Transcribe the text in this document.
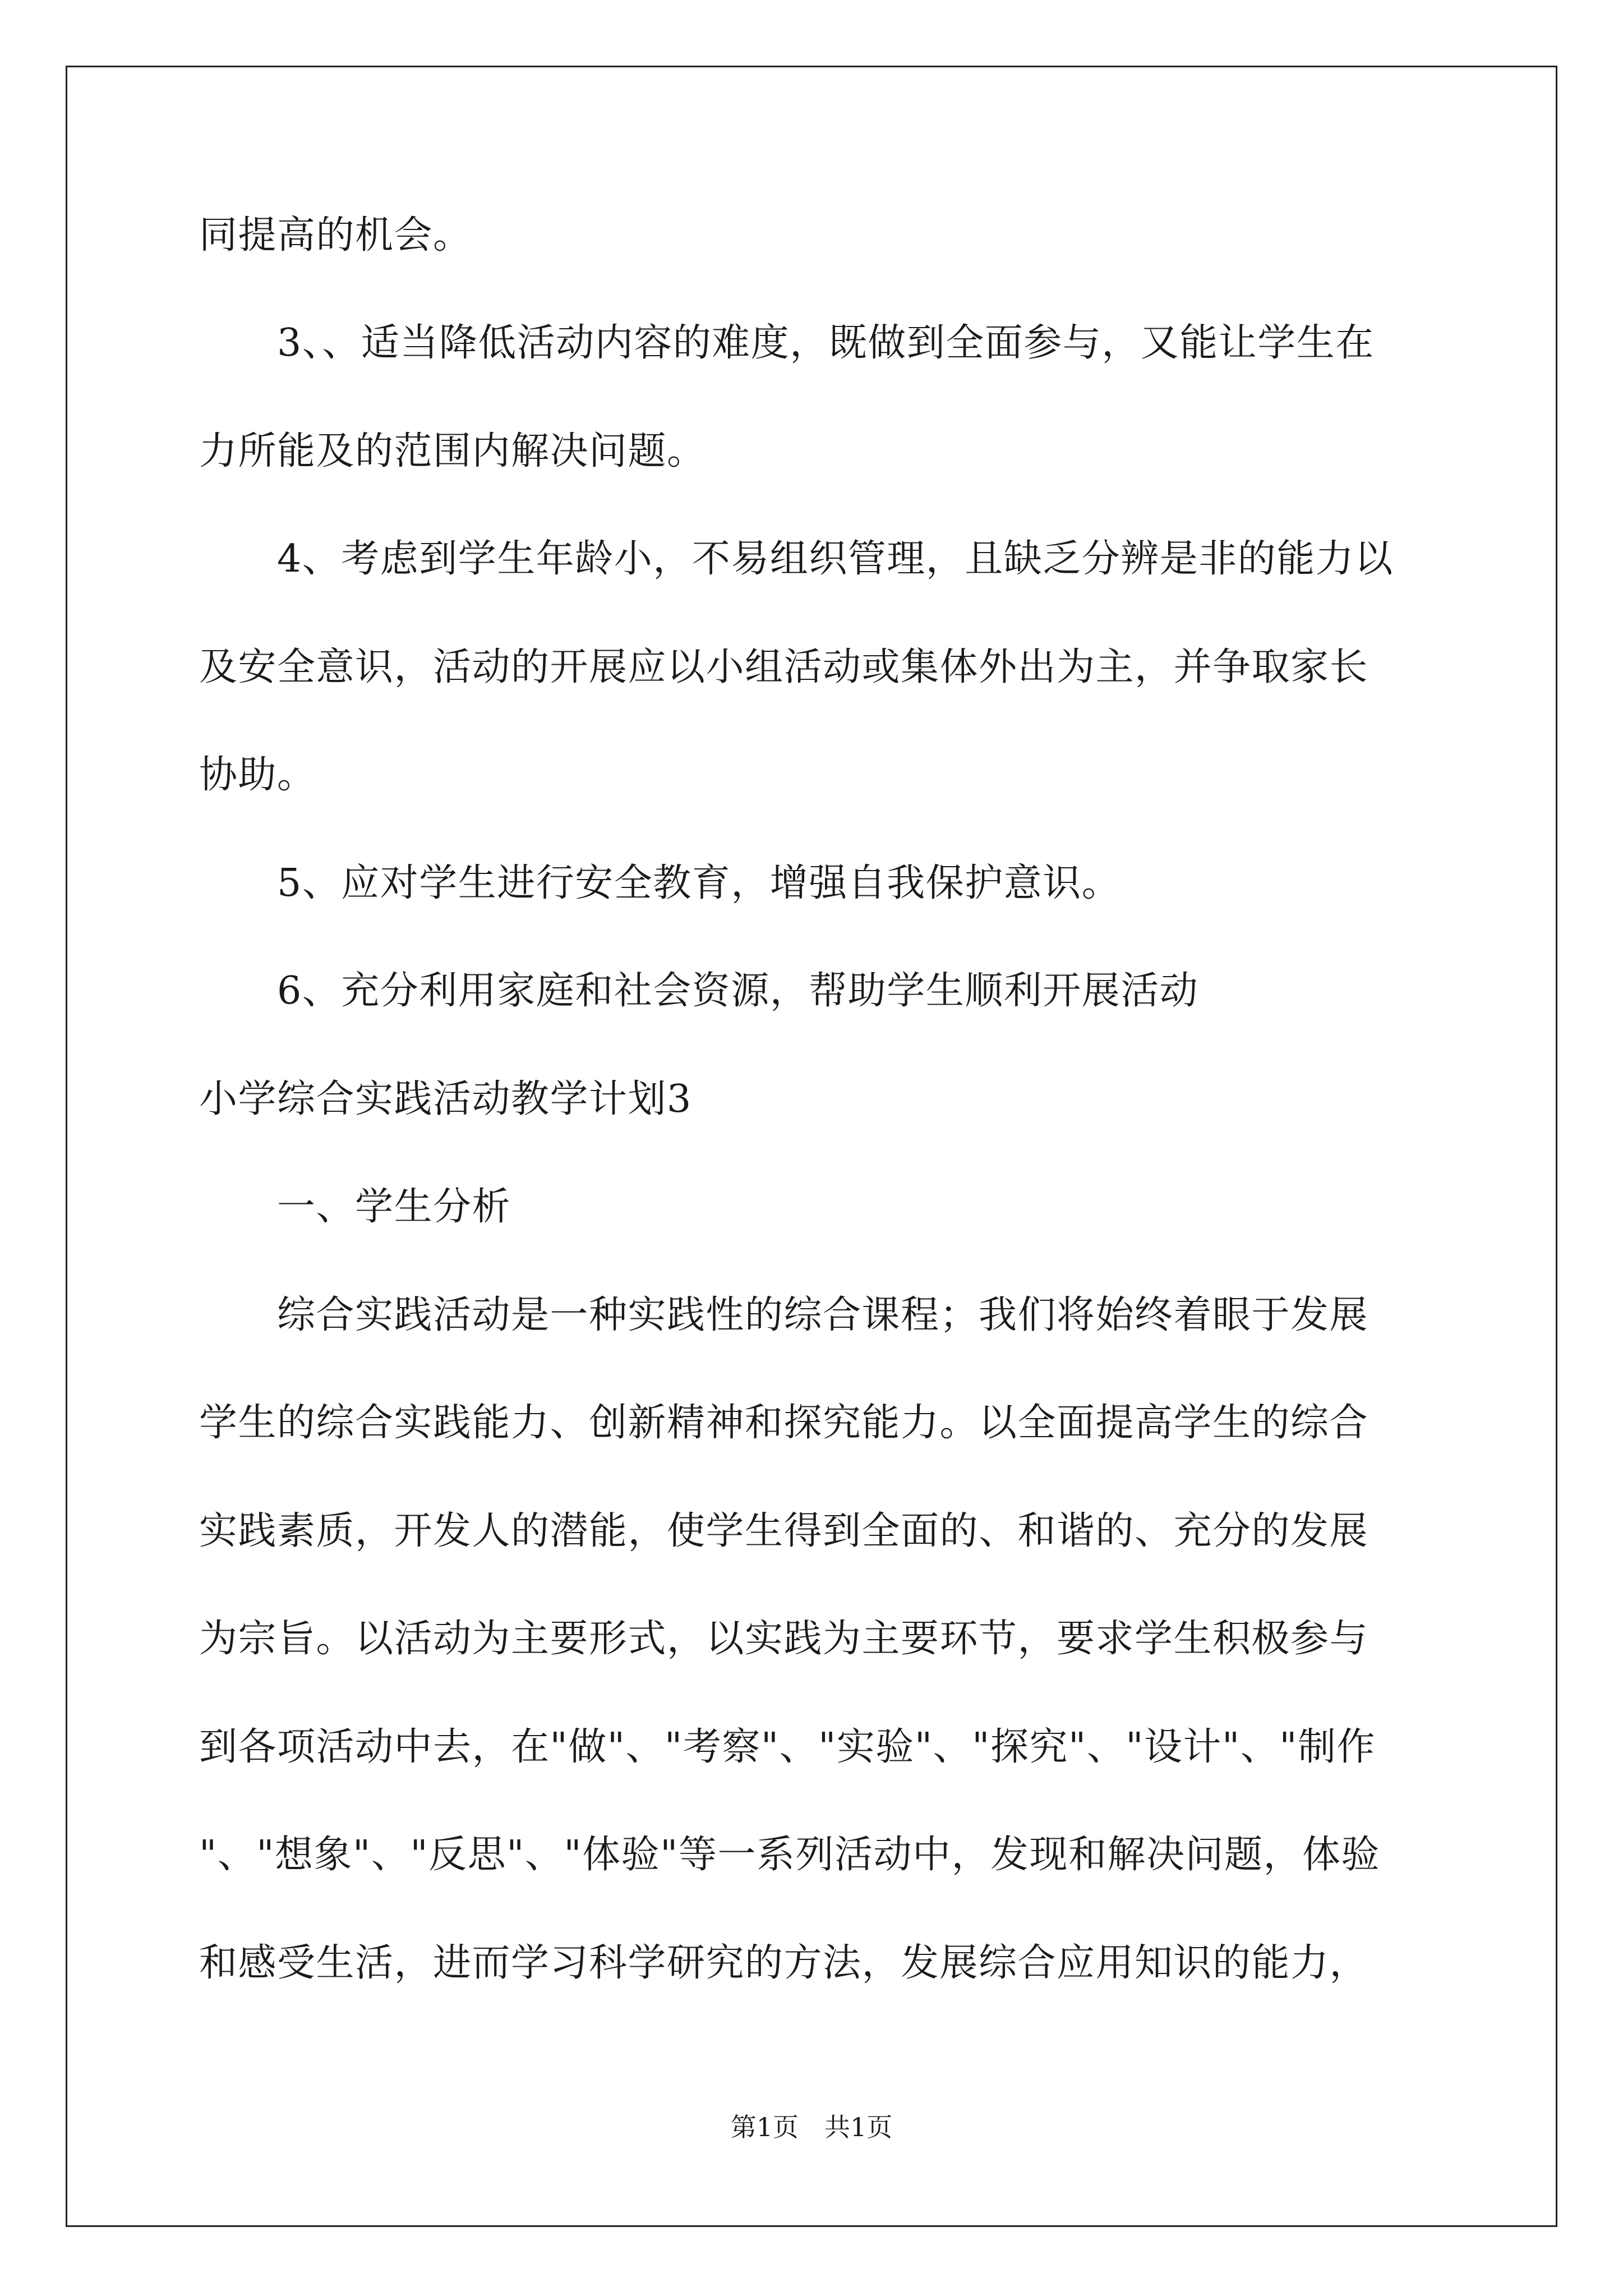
同提高的机会。

　　3、、适当降低活动内容的难度，既做到全面参与，又能让学生在

力所能及的范围内解决问题。

　　4、考虑到学生年龄小，不易组织管理，且缺乏分辨是非的能力以

及安全意识，活动的开展应以小组活动或集体外出为主，并争取家长

协助。

　　5、应对学生进行安全教育，增强自我保护意识。

　　6、充分利用家庭和社会资源，帮助学生顺利开展活动

小学综合实践活动教学计划3

　　一、学生分析

　　综合实践活动是一种实践性的综合课程；我们将始终着眼于发展

学生的综合实践能力、创新精神和探究能力。以全面提高学生的综合

实践素质，开发人的潜能，使学生得到全面的、和谐的、充分的发展

为宗旨。以活动为主要形式，以实践为主要环节，要求学生积极参与

到各项活动中去，在"做"、"考察"、"实验"、"探究"、"设计"、"制作

"、"想象"、"反思"、"体验"等一系列活动中，发现和解决问题，体验

和感受生活，进而学习科学研究的方法，发展综合应用知识的能力，

第1页　共1页
